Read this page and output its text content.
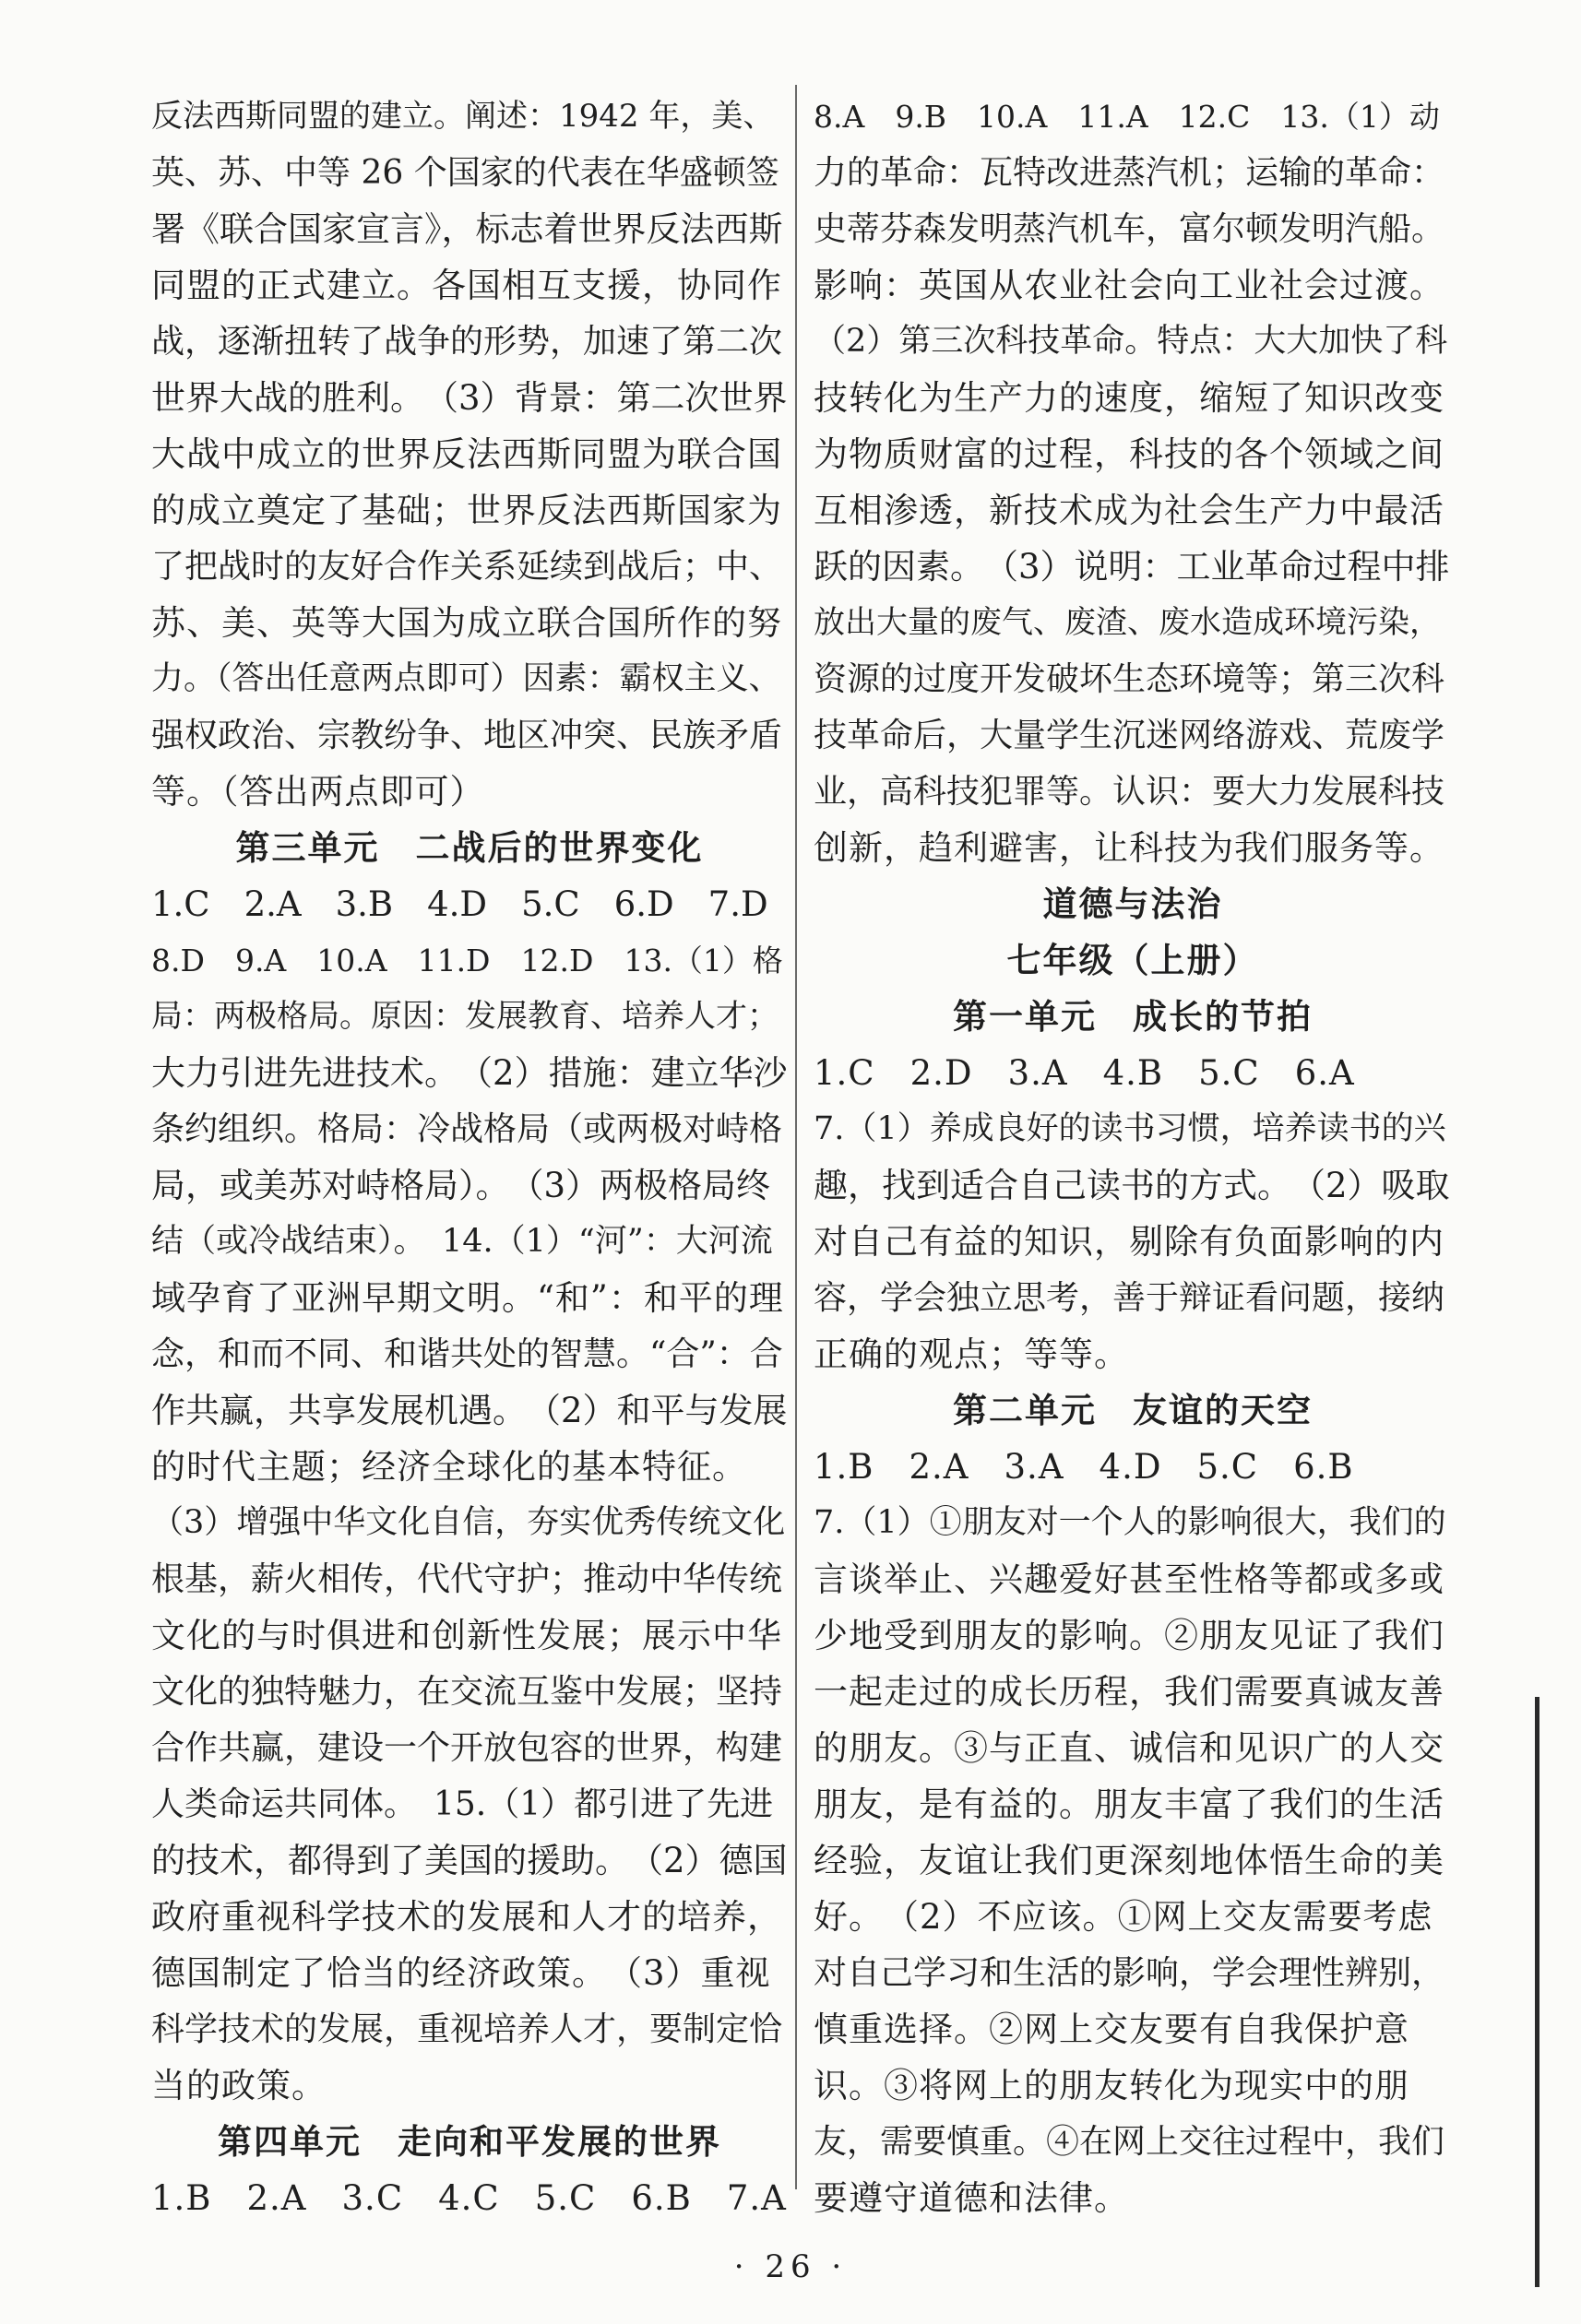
反法西斯同盟的建立。阐述：1942 年，美、
英、苏、中等 26 个国家的代表在华盛顿签
署《联合国家宣言》，标志着世界反法西斯
同盟的正式建立。各国相互支援，协同作
战，逐渐扭转了战争的形势，加速了第二次
世界大战的胜利。　（3）背景：第二次世界
大战中成立的世界反法西斯同盟为联合国
的成立奠定了基础；世界反法西斯国家为
了把战时的友好合作关系延续到战后；中、
苏、美、英等大国为成立联合国所作的努
力。（答出任意两点即可）因素：霸权主义、
强权政治、宗教纷争、地区冲突、民族矛盾
等。（答出两点即可）
第三单元　二战后的世界变化
1.C　2.A　3.B　4.D　5.C　6.D　7.D
8.D　9.A　10.A　11.D　12.D　13.（1）格
局：两极格局。原因：发展教育、培养人才；
大力引进先进技术。　（2）措施：建立华沙
条约组织。格局：冷战格局（或两极对峙格
局，或美苏对峙格局）。　（3）两极格局终
结（或冷战结束）。　14.（1）“河”：大河流
域孕育了亚洲早期文明。“和”：和平的理
念，和而不同、和谐共处的智慧。“合”：合
作共赢，共享发展机遇。　（2）和平与发展
的时代主题；经济全球化的基本特征。
（3）增强中华文化自信，夯实优秀传统文化
根基，薪火相传，代代守护；推动中华传统
文化的与时俱进和创新性发展；展示中华
文化的独特魅力，在交流互鉴中发展；坚持
合作共赢，建设一个开放包容的世界，构建
人类命运共同体。　15.（1）都引进了先进
的技术，都得到了美国的援助。　（2）德国
政府重视科学技术的发展和人才的培养，
德国制定了恰当的经济政策。　（3）重视
科学技术的发展，重视培养人才，要制定恰
当的政策。
第四单元　走向和平发展的世界
1.B　2.A　3.C　4.C　5.C　6.B　7.A
8.A　9.B　10.A　11.A　12.C　13.（1）动
力的革命：瓦特改进蒸汽机；运输的革命：
史蒂芬森发明蒸汽机车，富尔顿发明汽船。
影响：英国从农业社会向工业社会过渡。
（2）第三次科技革命。特点：大大加快了科
技转化为生产力的速度，缩短了知识改变
为物质财富的过程，科技的各个领域之间
互相渗透，新技术成为社会生产力中最活
跃的因素。　（3）说明：工业革命过程中排
放出大量的废气、废渣、废水造成环境污染，
资源的过度开发破坏生态环境等；第三次科
技革命后，大量学生沉迷网络游戏、荒废学
业，高科技犯罪等。认识：要大力发展科技
创新，趋利避害，让科技为我们服务等。
道德与法治
七年级（上册）
第一单元　成长的节拍
1.C　2.D　3.A　4.B　5.C　6.A
7.（1）养成良好的读书习惯，培养读书的兴
趣，找到适合自己读书的方式。　（2）吸取
对自己有益的知识，剔除有负面影响的内
容，学会独立思考，善于辩证看问题，接纳
正确的观点；等等。
第二单元　友谊的天空
1.B　2.A　3.A　4.D　5.C　6.B
7.（1）①朋友对一个人的影响很大，我们的
言谈举止、兴趣爱好甚至性格等都或多或
少地受到朋友的影响。②朋友见证了我们
一起走过的成长历程，我们需要真诚友善
的朋友。③与正直、诚信和见识广的人交
朋友，是有益的。朋友丰富了我们的生活
经验，友谊让我们更深刻地体悟生命的美
好。　（2）不应该。①网上交友需要考虑
对自己学习和生活的影响，学会理性辨别，
慎重选择。②网上交友要有自我保护意
识。③将网上的朋友转化为现实中的朋
友，需要慎重。④在网上交往过程中，我们
要遵守道德和法律。
· 26 ·
